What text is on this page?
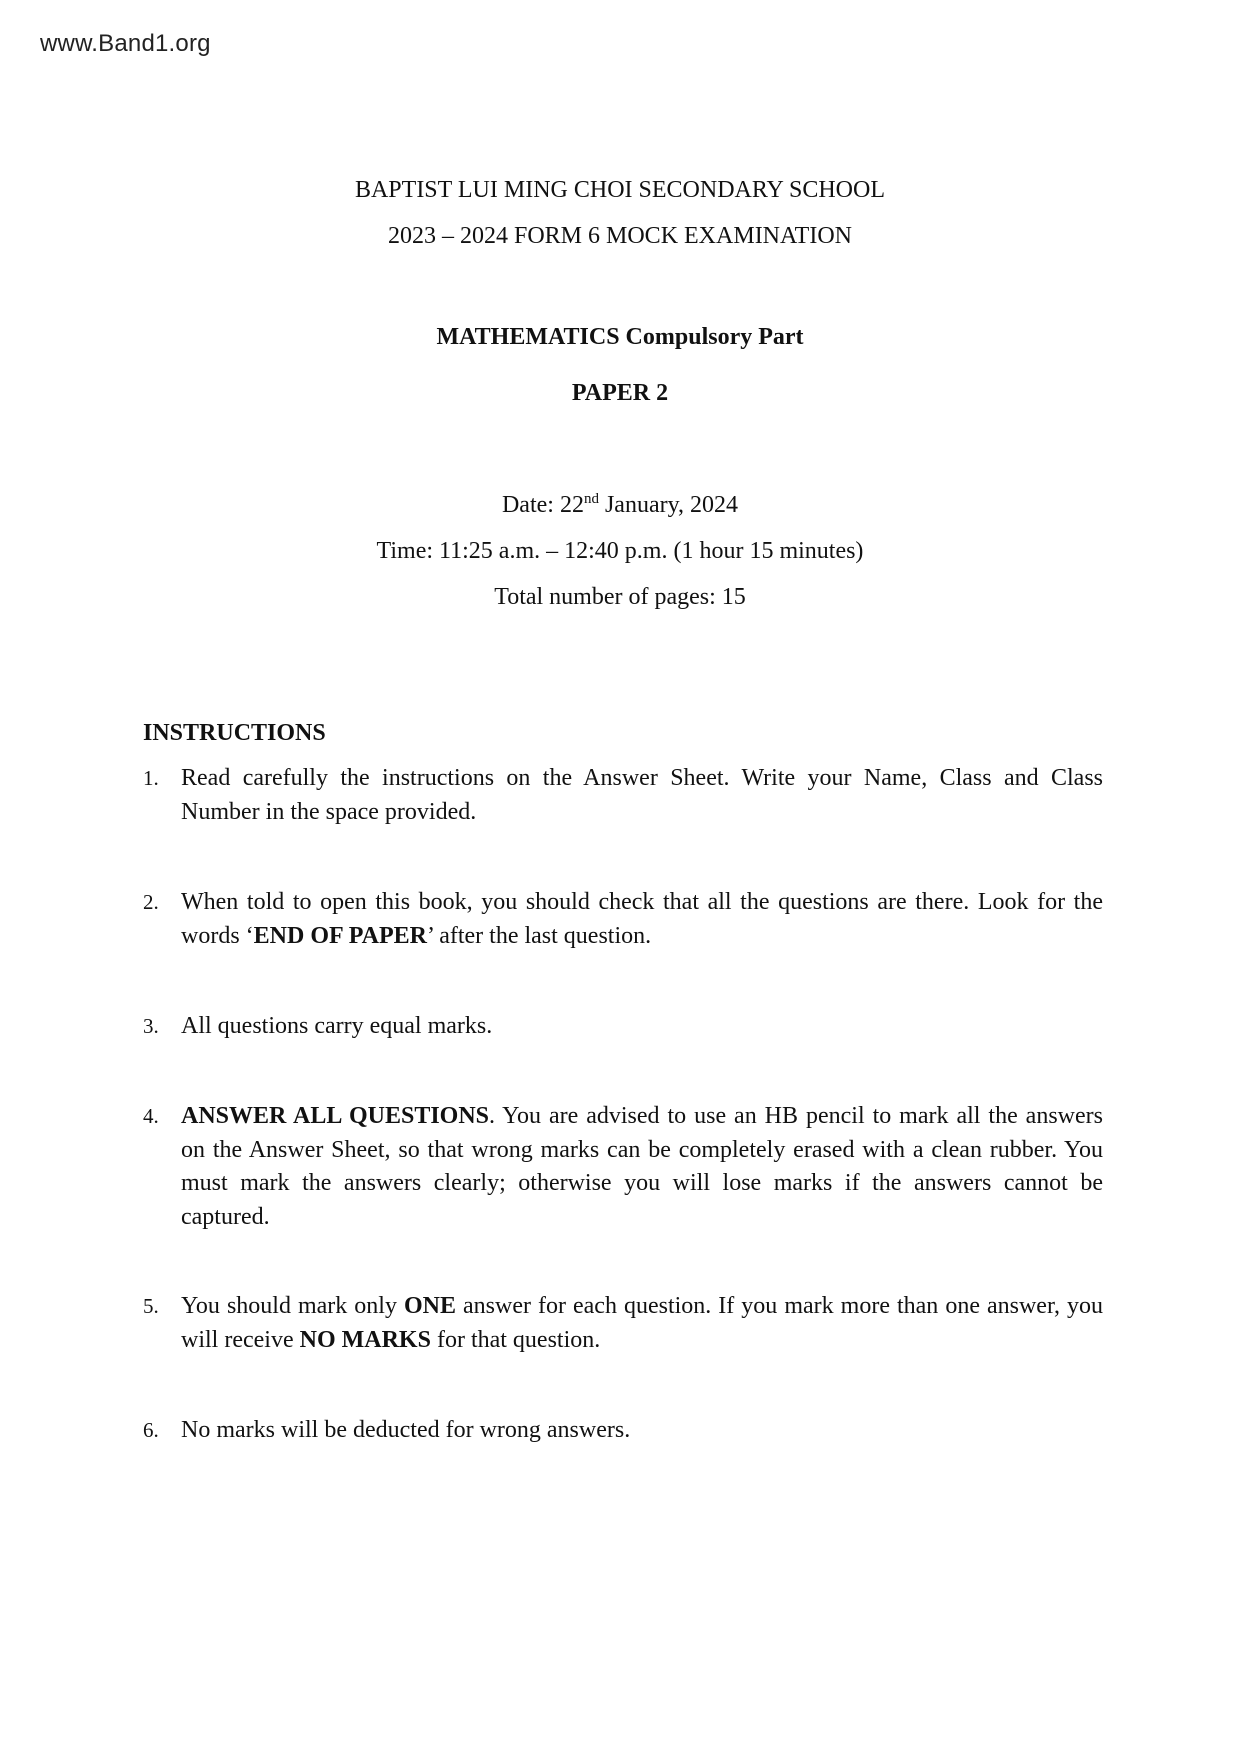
www.Band1.org
BAPTIST LUI MING CHOI SECONDARY SCHOOL
2023 – 2024 FORM 6 MOCK EXAMINATION
MATHEMATICS Compulsory Part
PAPER 2
Date: 22nd January, 2024
Time: 11:25 a.m. – 12:40 p.m. (1 hour 15 minutes)
Total number of pages: 15
INSTRUCTIONS
1. Read carefully the instructions on the Answer Sheet. Write your Name, Class and Class Number in the space provided.
2. When told to open this book, you should check that all the questions are there. Look for the words ‘END OF PAPER’ after the last question.
3. All questions carry equal marks.
4. ANSWER ALL QUESTIONS. You are advised to use an HB pencil to mark all the answers on the Answer Sheet, so that wrong marks can be completely erased with a clean rubber. You must mark the answers clearly; otherwise you will lose marks if the answers cannot be captured.
5. You should mark only ONE answer for each question. If you mark more than one answer, you will receive NO MARKS for that question.
6. No marks will be deducted for wrong answers.
